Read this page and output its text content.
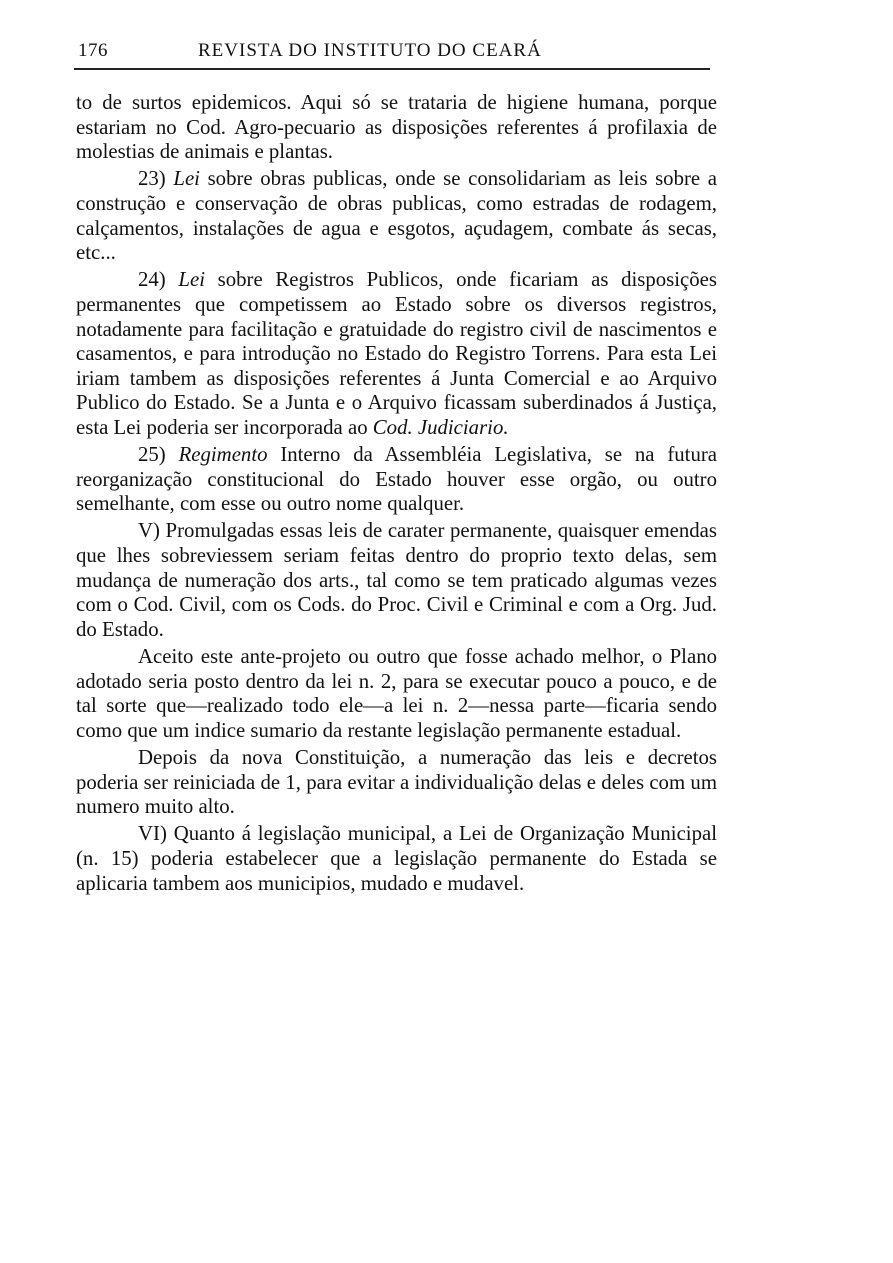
176	REVISTA DO INSTITUTO DO CEARÁ

to de surtos epidemicos. Aqui só se trataria de higiene humana, porque estariam no Cod. Agro-pecuario as disposições referentes á profilaxia de molestias de animais e plantas.

23) Lei sobre obras publicas, onde se consolidariam as leis sobre a construção e conservação de obras publicas, como estradas de rodagem, calçamentos, instalações de agua e esgotos, açudagem, combate ás secas, etc...

24) Lei sobre Registros Publicos, onde ficariam as disposições permanentes que competissem ao Estado sobre os diversos registros, notadamente para facilitação e gratuidade do registro civil de nascimentos e casamentos, e para introdução no Estado do Registro Torrens. Para esta Lei iriam tambem as disposições referentes á Junta Comercial e ao Arquivo Publico do Estado. Se a Junta e o Arquivo ficassam suberdinados á Justiça, esta Lei poderia ser incorporada ao Cod. Judiciario.

25) Regimento Interno da Assembléia Legislativa, se na futura reorganização constitucional do Estado houver esse orgão, ou outro semelhante, com esse ou outro nome qualquer.

V) Promulgadas essas leis de carater permanente, quaisquer emendas que lhes sobreviessem seriam feitas dentro do proprio texto delas, sem mudança de numeração dos arts., tal como se tem praticado algumas vezes com o Cod. Civil, com os Cods. do Proc. Civil e Criminal e com a Org. Jud. do Estado.

Aceito este ante-projeto ou outro que fosse achado melhor, o Plano adotado seria posto dentro da lei n. 2, para se executar pouco a pouco, e de tal sorte que—realizado todo ele—a lei n. 2—nessa parte—ficaria sendo como que um indice sumario da restante legislação permanente estadual.

Depois da nova Constituição, a numeração das leis e decretos poderia ser reiniciada de 1, para evitar a individualição delas e deles com um numero muito alto.

VI) Quanto á legislação municipal, a Lei de Organização Municipal (n. 15) poderia estabelecer que a legislação permanente do Estada se aplicaria tambem aos municipios, mudado e mudavel.
